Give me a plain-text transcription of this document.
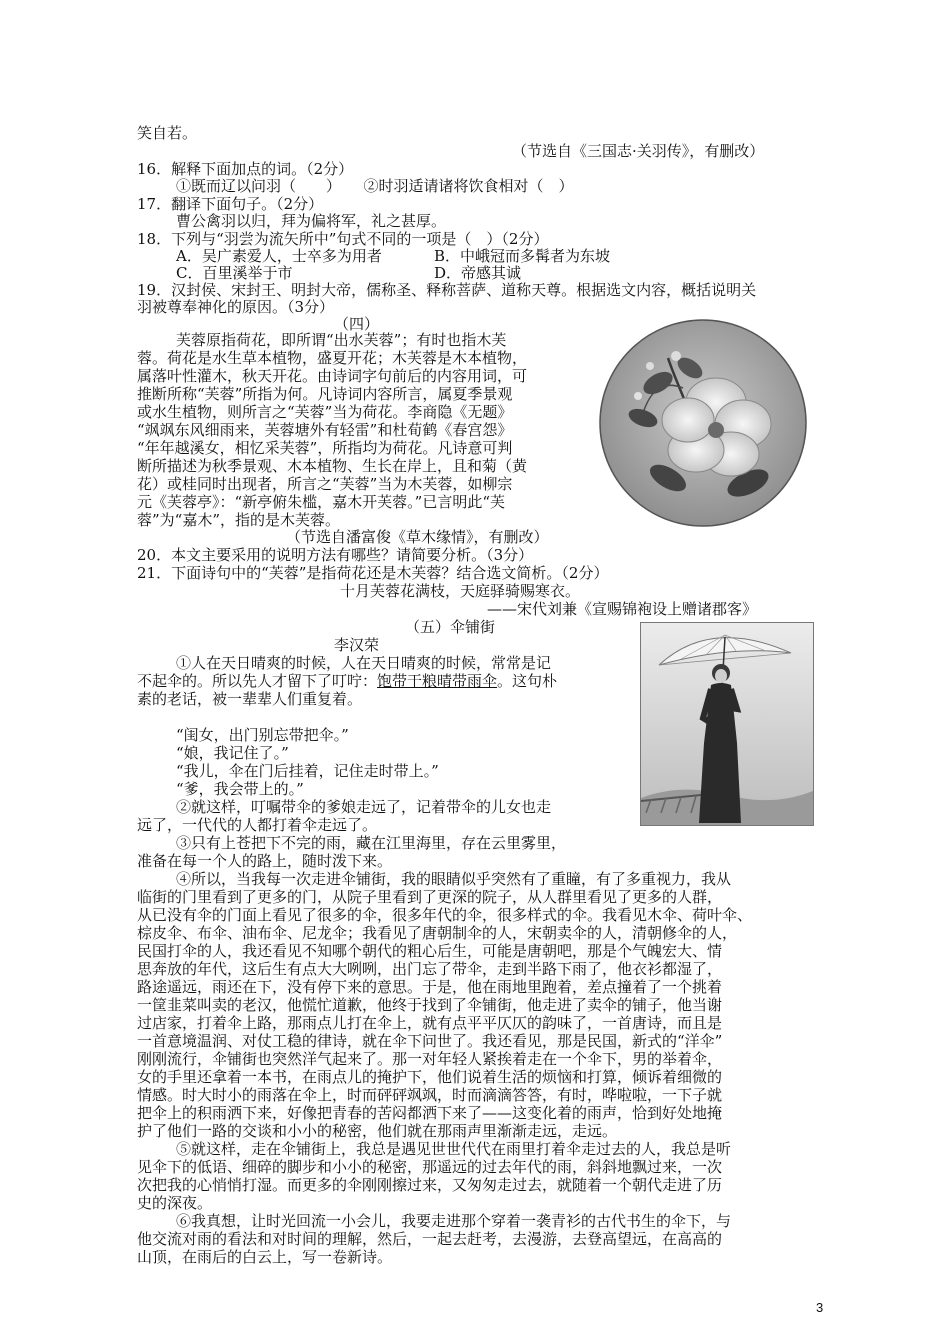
笑自若。
（节选自《三国志·关羽传》，有删改）
16．解释下面加点的词。（2分）
①既而辽以问羽（　　）　　②时羽适请诸将饮食相对（　）
17．翻译下面句子。（2分）
曹公禽羽以归，拜为偏将军，礼之甚厚。
18．下列与“羽尝为流矢所中”句式不同的一项是（　）（2分）
A．吴广素爱人，士卒多为用者	B．中峨冠而多髯者为东坡
C．百里溪举于市	D．帝感其诚
19．汉封侯、宋封王、明封大帝，儒称圣、释称菩萨、道称天尊。根据选文内容，概括说明关
羽被尊奉神化的原因。（3分）
（四）
芙蓉原指荷花，即所谓“出水芙蓉”；有时也指木芙
蓉。荷花是水生草本植物，盛夏开花；木芙蓉是木本植物，
属落叶性灌木，秋天开花。由诗词字句前后的内容用词，可
推断所称“芙蓉”所指为何。凡诗词内容所言，属夏季景观
或水生植物，则所言之“芙蓉”当为荷花。李商隐《无题》
“飒飒东风细雨来，芙蓉塘外有轻雷”和杜荀鹤《春宫怨》
“年年越溪女，相忆采芙蓉”，所指均为荷花。凡诗意可判
断所描述为秋季景观、木本植物、生长在岸上，且和菊（黄
花）或桂同时出现者，所言之“芙蓉”当为木芙蓉，如柳宗
元《芙蓉亭》：“新亭俯朱槛，嘉木开芙蓉。”已言明此“芙
蓉”为“嘉木”，指的是木芙蓉。
（节选自潘富俊《草木缘情》，有删改）
20．本文主要采用的说明方法有哪些？请简要分析。（3分）
21．下面诗句中的“芙蓉”是指荷花还是木芙蓉？结合选文简析。（2分）
十月芙蓉花满枝，天庭驿骑赐寒衣。
——宋代刘兼《宣赐锦袍设上赠诸郡客》
（五）伞铺街
李汉荣
①人在天日晴爽的时候，人在天日晴爽的时候，常常是记
不起伞的。所以先人才留下了叮咛：饱带干粮晴带雨伞。这句朴
素的老话，被一辈辈人们重复着。
“闺女，出门别忘带把伞。”
“娘，我记住了。”
“我儿，伞在门后挂着，记住走时带上。”
“爹，我会带上的。”
②就这样，叮嘱带伞的爹娘走远了，记着带伞的儿女也走
远了，一代代的人都打着伞走远了。
③只有上苍把下不完的雨，藏在江里海里，存在云里雾里，
准备在每一个人的路上，随时泼下来。
④所以，当我每一次走进伞铺街，我的眼睛似乎突然有了重瞳，有了多重视力，我从
临街的门里看到了更多的门，从院子里看到了更深的院子，从人群里看见了更多的人群，
从已没有伞的门面上看见了很多的伞，很多年代的伞，很多样式的伞。我看见木伞、荷叶伞、
棕皮伞、布伞、油布伞、尼龙伞；我看见了唐朝制伞的人，宋朝卖伞的人，清朝修伞的人，
民国打伞的人，我还看见不知哪个朝代的粗心后生，可能是唐朝吧，那是个气魄宏大、情
思奔放的年代，这后生有点大大咧咧，出门忘了带伞，走到半路下雨了，他衣衫都湿了，
路途遥远，雨还在下，没有停下来的意思。于是，他在雨地里跑着，差点撞着了一个挑着
一筐韭菜叫卖的老汉，他慌忙道歉，他终于找到了伞铺街，他走进了卖伞的铺子，他当谢
过店家，打着伞上路，那雨点儿打在伞上，就有点平平仄仄的韵味了，一首唐诗，而且是
一首意境温润、对仗工稳的律诗，就在伞下问世了。我还看见，那是民国，新式的“洋伞”
刚刚流行，伞铺街也突然洋气起来了。那一对年轻人紧挨着走在一个伞下，男的举着伞，
女的手里还拿着一本书，在雨点儿的掩护下，他们说着生活的烦恼和打算，倾诉着细微的
情感。时大时小的雨落在伞上，时而砰砰飒飒，时而滴滴答答，有时，哗啦啦，一下子就
把伞上的积雨洒下来，好像把青春的苦闷都洒下来了——这变化着的雨声，恰到好处地掩
护了他们一路的交谈和小小的秘密，他们就在那雨声里渐渐走远，走远。
⑤就这样，走在伞铺街上，我总是遇见世世代代在雨里打着伞走过去的人，我总是听
见伞下的低语、细碎的脚步和小小的秘密，那遥远的过去年代的雨，斜斜地飘过来，一次
次把我的心悄悄打湿。而更多的伞刚刚擦过来，又匆匆走过去，就随着一个朝代走进了历
史的深夜。
⑥我真想，让时光回流一小会儿，我要走进那个穿着一袭青衫的古代书生的伞下，与
他交流对雨的看法和对时间的理解，然后，一起去赶考，去漫游，去登高望远，在高高的
山顶，在雨后的白云上，写一卷新诗。
3
